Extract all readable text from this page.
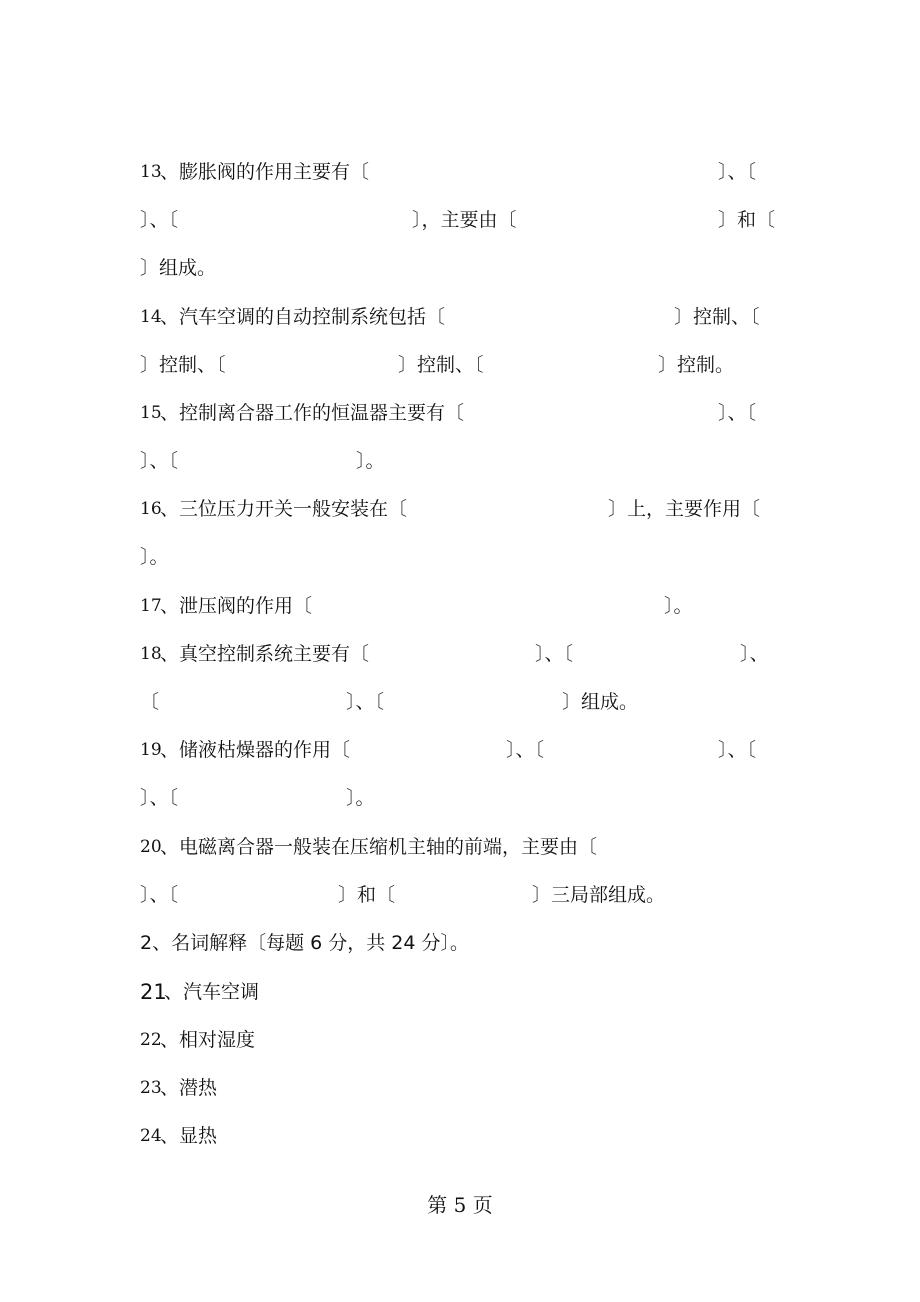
13
、膨胀阀的作用主要有〔	〕、〔
〕、〔	〕，主要由〔	〕和〔
〕组成。
14
、汽车空调的自动控制系统包括〔	〕控制、〔
〕控制、〔	〕控制、〔	〕控制。
15
、控制离合器工作的恒温器主要有〔	〕、〔
〕、〔	〕。
16
、三位压力开关一般安装在〔	〕上，主要作用〔
〕。
17
、泄压阀的作用〔	〕。
18
、真空控制系统主要有〔	〕、〔	〕、
〔	〕、〔	〕组成。
19
、储液枯燥器的作用〔	〕、〔	〕、〔
〕、〔	〕。
20
、电磁离合器一般装在压缩机主轴的前端，主要由〔
〕、〔	〕和〔	〕三局部组成。
2、名词解释〔每题 6 分，共 24 分〕。
21
、汽车空调
22
、相对湿度
23
、潜热
24
、显热
第 5 页
